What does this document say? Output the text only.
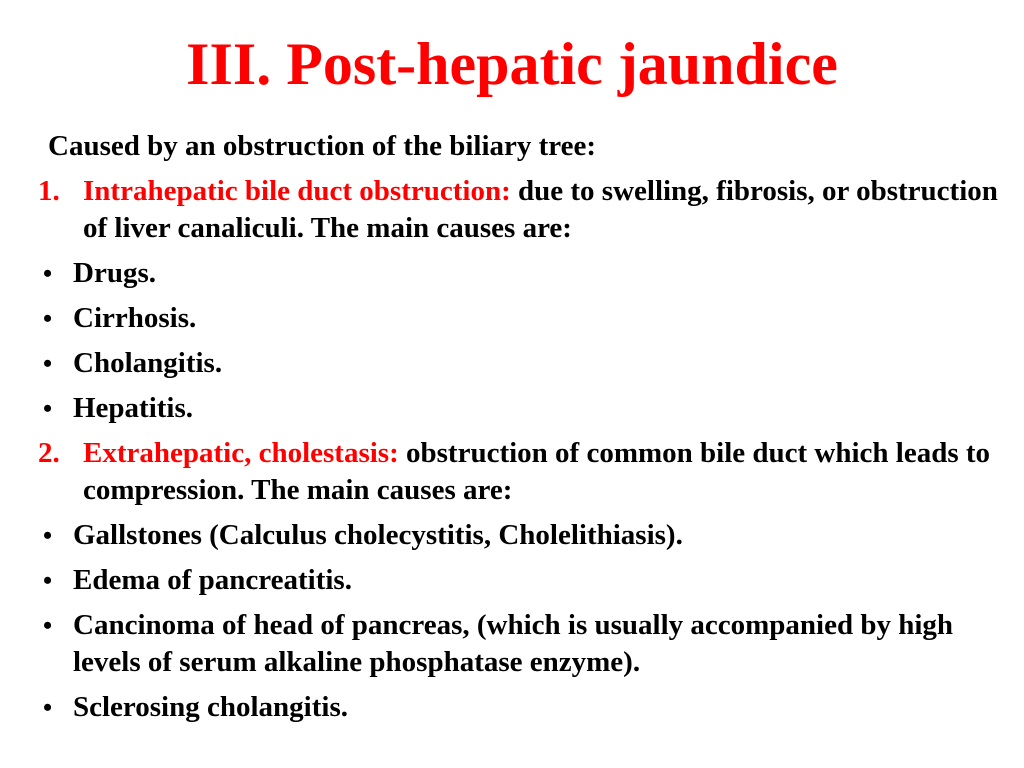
III. Post-hepatic jaundice
Caused by an obstruction of the biliary tree:
1. Intrahepatic bile duct obstruction: due to swelling, fibrosis, or obstruction of liver canaliculi. The main causes are:
• Drugs.
• Cirrhosis.
• Cholangitis.
• Hepatitis.
2. Extrahepatic, cholestasis: obstruction of common bile duct which leads to compression. The main causes are:
• Gallstones (Calculus cholecystitis, Cholelithiasis).
• Edema of pancreatitis.
• Cancinoma of head of pancreas, (which is usually accompanied by high levels of serum alkaline phosphatase enzyme).
• Sclerosing cholangitis.
